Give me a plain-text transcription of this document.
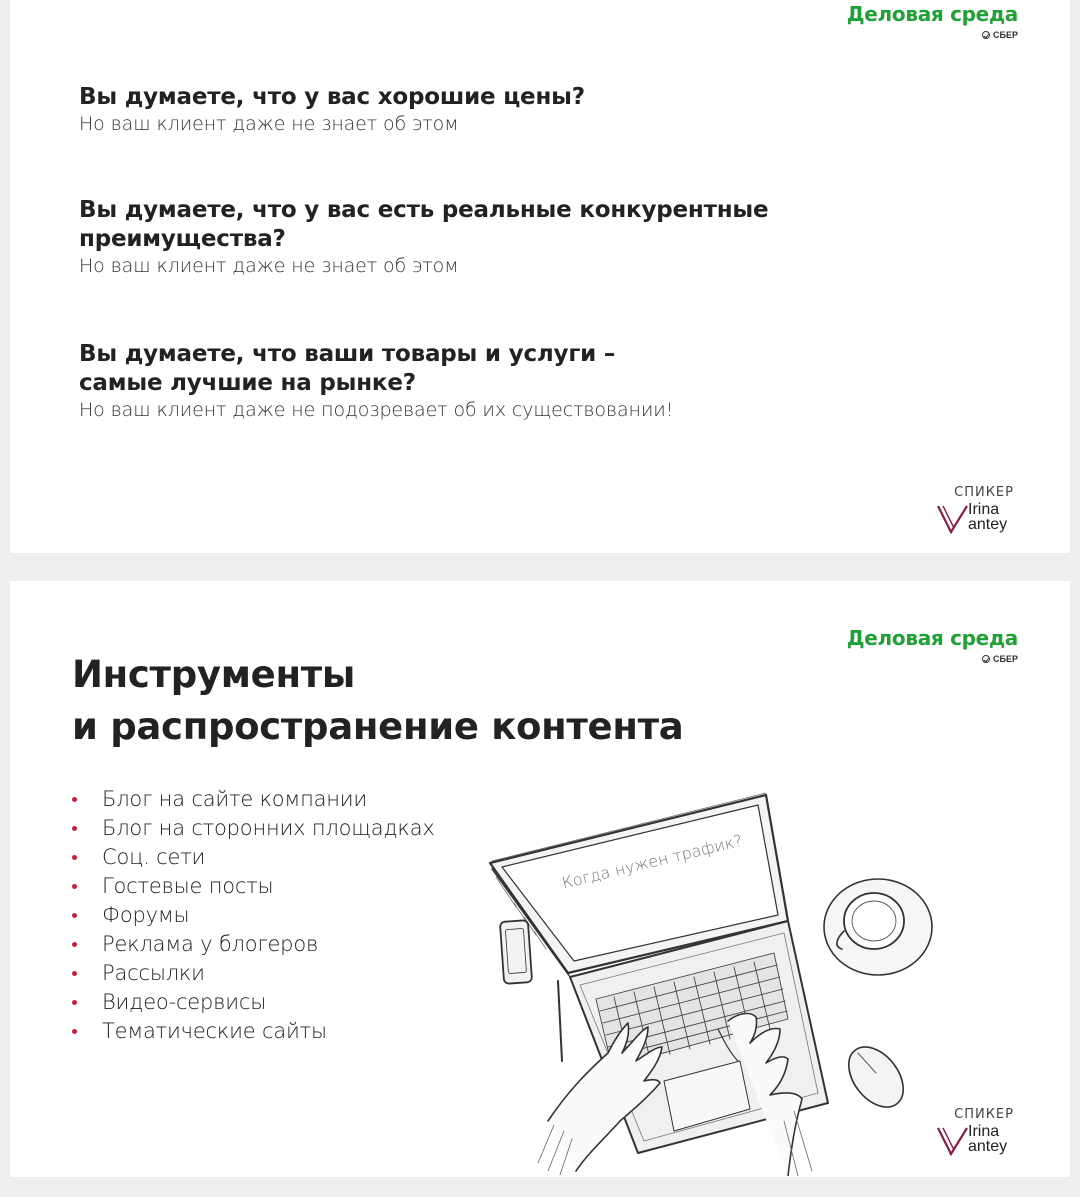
Деловая среда
СБЕР
Вы думаете, что у вас хорошие цены?
Но ваш клиент даже не знает об этом
Вы думаете, что у вас есть реальные конкурентные преимущества?
Но ваш клиент даже не знает об этом
Вы думаете, что ваши товары и услуги – самые лучшие на рынке?
Но ваш клиент даже не подозревает об их существовании!
СПИКЕР
Irina
antey
Деловая среда
СБЕР
Инструменты
и распространение контента
Блог на сайте компании
Блог на сторонних площадках
Соц. сети
Гостевые посты
Форумы
Реклама у блогеров
Рассылки
Видео-сервисы
Тематические сайты
Когда нужен трафик?
СПИКЕР
Irina
antey
